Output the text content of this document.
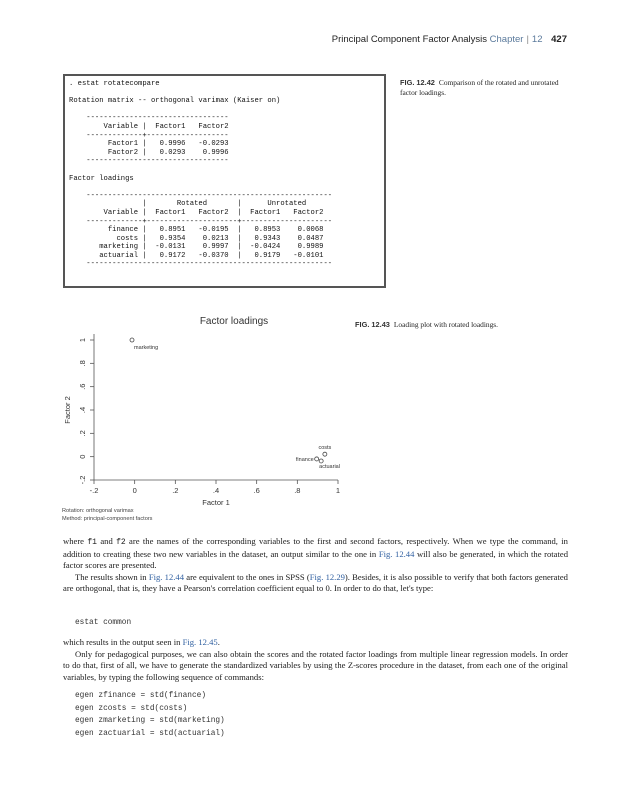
Principal Component Factor Analysis Chapter | 12 427
. estat rotatecompare

Rotation matrix -- orthogonal varimax (Kaiser on)

---------------------------------
Variable |  Factor1   Factor2
-------------+-------------------
Factor1 |   0.9996   -0.0293
Factor2 |   0.0293    0.9996
---------------------------------

Factor loadings

---------------------------------------------------------
|       Rotated       |      Unrotated
Variable |  Factor1   Factor2  |  Factor1   Factor2
-------------+---------------------+---------------------
finance |   0.8951   -0.0195  |   0.8953    0.0068
costs |   0.9354    0.0213  |   0.9343    0.0487
marketing |  -0.0131    0.9997  |  -0.0424    0.9989
actuarial |   0.9172   -0.0370  |   0.9179   -0.0101
---------------------------------------------------------
FIG. 12.42 Comparison of the rotated and unrotated factor loadings.
FIG. 12.43 Loading plot with rotated loadings.
Factor loadings
-.2	0	.2	.4	.6	.8	1
-.2
0
.2
.4
.6
.8
1
Factor 1
Factor 2
finance
costs
marketing
actuarial
Rotation: orthogonal varimax
Method: principal-component factors

where f1 and f2 are the names of the corresponding variables to the first and second factors, respectively. When we type the command, in addition to creating these two new variables in the dataset, an output similar to the one in Fig. 12.44 will also be generated, in which the rotated factor scores are presented.

The results shown in Fig. 12.44 are equivalent to the ones in SPSS (Fig. 12.29). Besides, it is also possible to verify that both factors generated are orthogonal, that is, they have a Pearson's correlation coefficient equal to 0. In order to do that, let's type:

estat common

which results in the output seen in Fig. 12.45.

Only for pedagogical purposes, we can also obtain the scores and the rotated factor loadings from multiple linear regression models. In order to do that, first of all, we have to generate the standardized variables by using the Z-scores procedure in the dataset, from each one of the original variables, by typing the following sequence of commands:

egen zfinance = std(finance)
egen zcosts = std(costs)
egen zmarketing = std(marketing)
egen zactuarial = std(actuarial)
